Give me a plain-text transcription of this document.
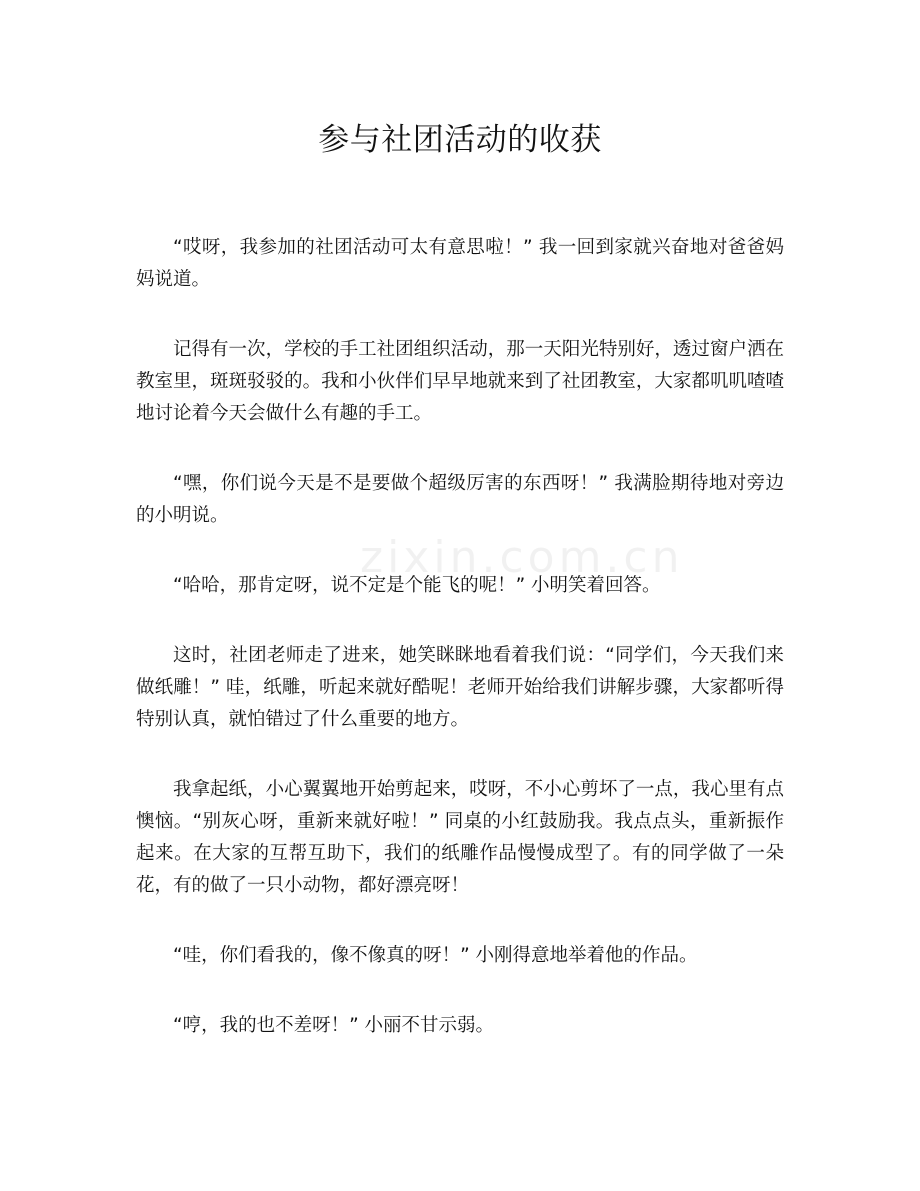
zixin.com.cn
参与社团活动的收获

“哎呀，我参加的社团活动可太有意思啦！” 我一回到家就兴奋地对爸爸妈妈说道。

记得有一次，学校的手工社团组织活动，那一天阳光特别好，透过窗户洒在教室里，斑斑驳驳的。我和小伙伴们早早地就来到了社团教室，大家都叽叽喳喳地讨论着今天会做什么有趣的手工。

“嘿，你们说今天是不是要做个超级厉害的东西呀！” 我满脸期待地对旁边的小明说。

“哈哈，那肯定呀，说不定是个能飞的呢！” 小明笑着回答。

这时，社团老师走了进来，她笑眯眯地看着我们说：“同学们，今天我们来做纸雕！” 哇，纸雕，听起来就好酷呢！老师开始给我们讲解步骤，大家都听得特别认真，就怕错过了什么重要的地方。

我拿起纸，小心翼翼地开始剪起来，哎呀，不小心剪坏了一点，我心里有点懊恼。“别灰心呀，重新来就好啦！” 同桌的小红鼓励我。我点点头，重新振作起来。在大家的互帮互助下，我们的纸雕作品慢慢成型了。有的同学做了一朵花，有的做了一只小动物，都好漂亮呀！

“哇，你们看我的，像不像真的呀！” 小刚得意地举着他的作品。

“哼，我的也不差呀！” 小丽不甘示弱。
